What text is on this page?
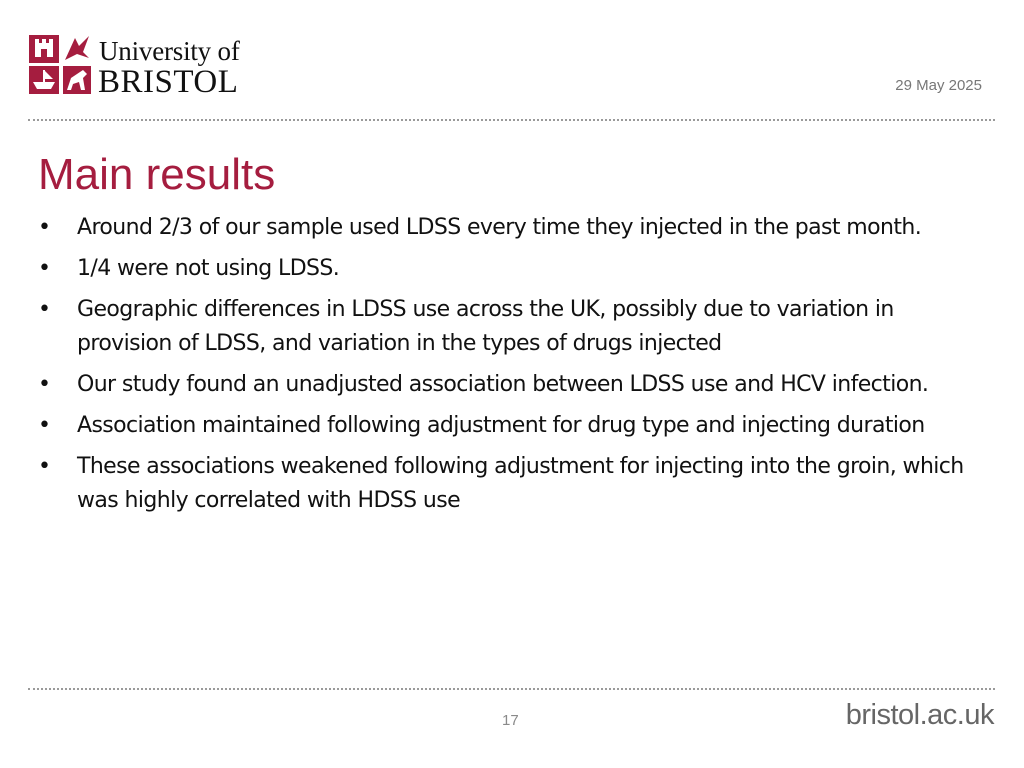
University of
BRISTOL	29 May 2025
Main results
• Around 2/3 of our sample used LDSS every time they injected in the past month.
• 1/4 were not using LDSS.
• Geographic differences in LDSS use across the UK, possibly due to variation in provision of LDSS, and variation in the types of drugs injected
• Our study found an unadjusted association between LDSS use and HCV infection.
• Association maintained following adjustment for drug type and injecting duration
• These associations weakened following adjustment for injecting into the groin, which was highly correlated with HDSS use
17	bristol.ac.uk
